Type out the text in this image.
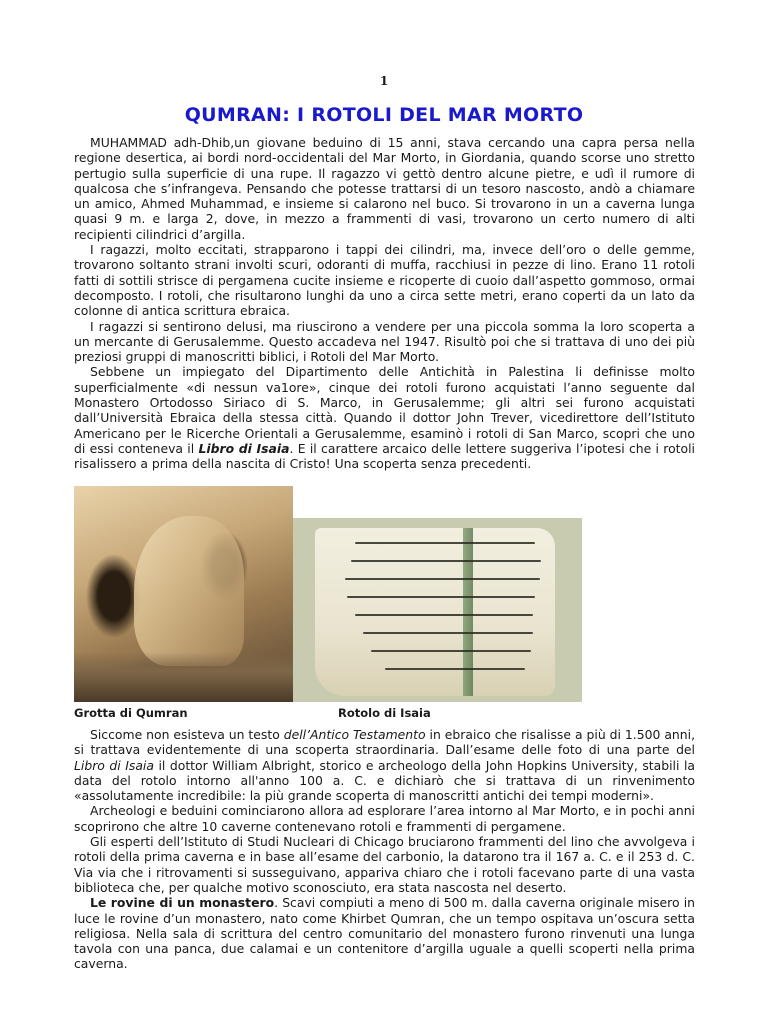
1
QUMRAN: I ROTOLI DEL MAR MORTO

MUHAMMAD adh-Dhib,un giovane beduino di 15 anni, stava cercando una capra persa nella regione desertica, ai bordi nord-occidentali del Mar Morto, in Giordania, quando scorse uno stretto pertugio sulla superficie di una rupe. Il ragazzo vi gettò dentro alcune pietre, e udì il rumore di qualcosa che s’infrangeva. Pensando che potesse trattarsi di un tesoro nascosto, andò a chiamare un amico, Ahmed Muhammad, e insieme si calarono nel buco. Si trovarono in un a caverna lunga quasi 9 m. e larga 2, dove, in mezzo a frammenti di vasi, trovarono un certo numero di alti recipienti cilindrici d’argilla.

I ragazzi, molto eccitati, strapparono i tappi dei cilindri, ma, invece dell’oro o delle gemme, trovarono soltanto strani involti scuri, odoranti di muffa, racchiusi in pezze di lino. Erano 11 rotoli fatti di sottili strisce di pergamena cucite insieme e ricoperte di cuoio dall’aspetto gommoso, ormai decomposto. I rotoli, che risultarono lunghi da uno a circa sette metri, erano coperti da un lato da colonne di antica scrittura ebraica.

I ragazzi si sentirono delusi, ma riuscirono a vendere per una piccola somma la loro scoperta a un mercante di Gerusalemme. Questo accadeva nel 1947. Risultò poi che si trattava di uno dei più preziosi gruppi di manoscritti biblici, i Rotoli del Mar Morto.

Sebbene un impiegato del Dipartimento delle Antichità in Palestina li definisse molto superficialmente «di nessun va1ore», cinque dei rotoli furono acquistati l’anno seguente dal Monastero Ortodosso Siriaco di S. Marco, in Gerusalemme; gli altri sei furono acquistati dall’Università Ebraica della stessa città. Quando il dottor John Trever, vicedirettore dell’Istituto Americano per le Ricerche Orientali a Gerusalemme, esaminò i rotoli di San Marco, scopri che uno di essi conteneva il Libro di Isaia. E il carattere arcaico delle lettere suggeriva l’ipotesi che i rotoli risalissero a prima della nascita di Cristo! Una scoperta senza precedenti.

Grotta di Qumran	Rotolo di Isaia

Siccome non esisteva un testo dell’Antico Testamento in ebraico che risalisse a più di 1.500 anni, si trattava evidentemente di una scoperta straordinaria. Dall’esame delle foto di una parte del Libro di Isaia il dottor William Albright, storico e archeologo della John Hopkins University, stabili la data del rotolo intorno all'anno 100 a. C. e dichiarò che si trattava di un rinvenimento «assolutamente incredibile: la più grande scoperta di manoscritti antichi dei tempi moderni».

Archeologi e beduini cominciarono allora ad esplorare l’area intorno al Mar Morto, e in pochi anni scoprirono che altre 10 caverne contenevano rotoli e frammenti di pergamene.

Gli esperti dell’Istituto di Studi Nucleari di Chicago bruciarono frammenti del lino che avvolgeva i rotoli della prima caverna e in base all’esame del carbonio, la datarono tra il 167 a. C. e il 253 d. C. Via via che i ritrovamenti si susseguivano, appariva chiaro che i rotoli facevano parte di una vasta biblioteca che, per qualche motivo sconosciuto, era stata nascosta nel deserto.

Le rovine di un monastero. Scavi compiuti a meno di 500 m. dalla caverna originale misero in luce le rovine d’un monastero, nato come Khirbet Qumran, che un tempo ospitava un’oscura setta religiosa. Nella sala di scrittura del centro comunitario del monastero furono rinvenuti una lunga tavola con una panca, due calamai e un contenitore d’argilla uguale a quelli scoperti nella prima caverna.
